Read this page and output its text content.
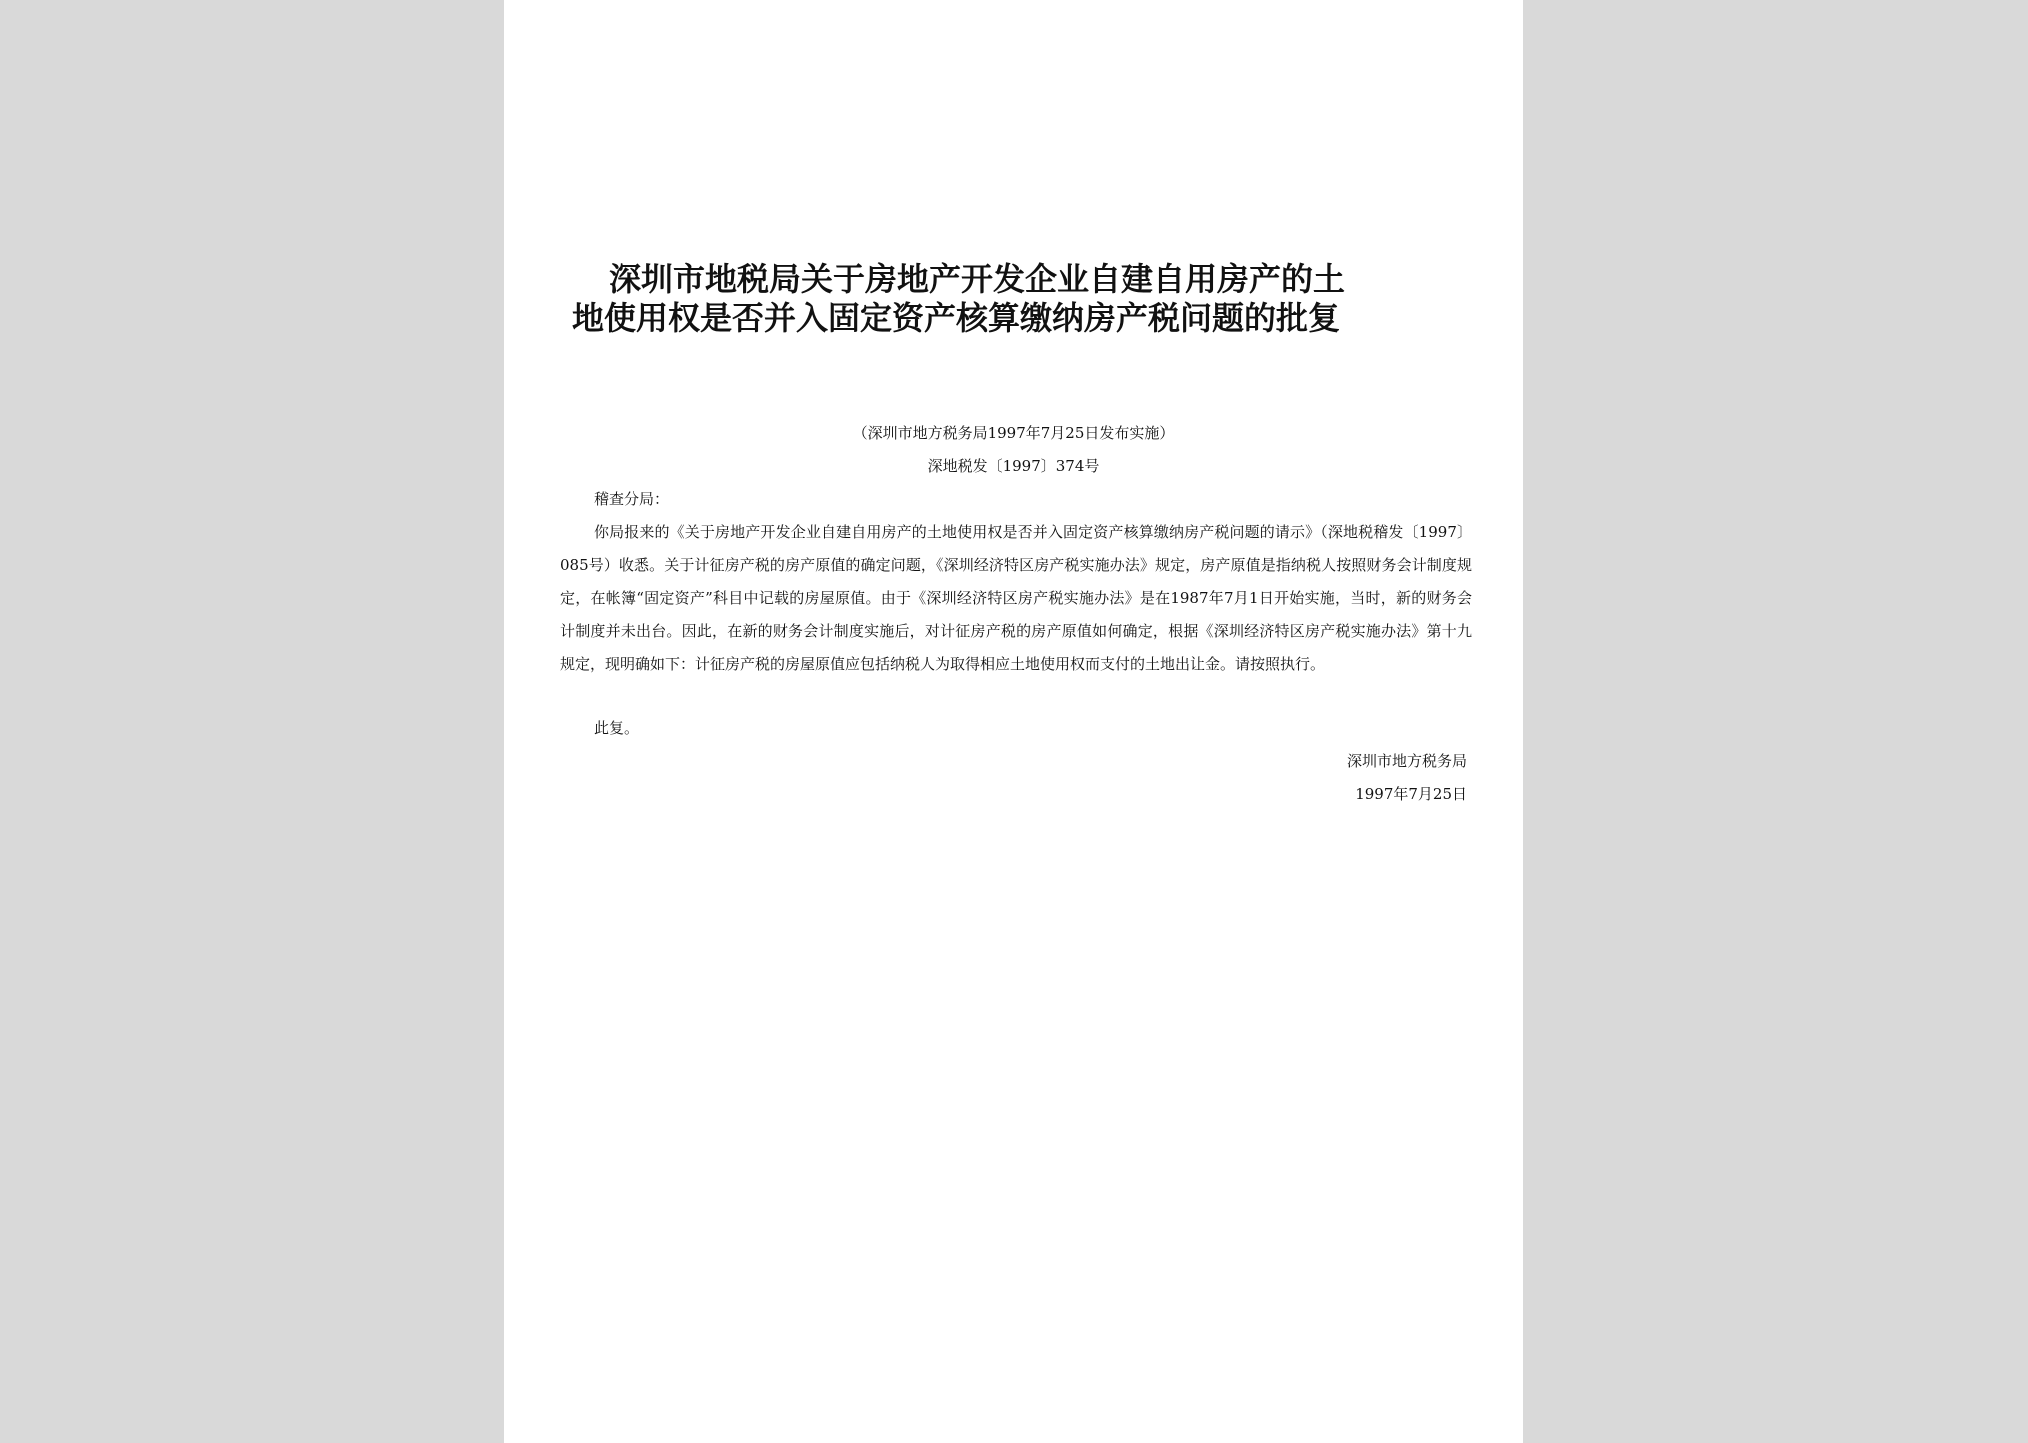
深圳市地税局关于房地产开发企业自建自用房产的土
地使用权是否并入固定资产核算缴纳房产税问题的批复
（深圳市地方税务局1997年7月25日发布实施）
深地税发〔1997〕374号
稽查分局：

你局报来的《关于房地产开发企业自建自用房产的土地使用权是否并入固定资产核算缴纳房产税问题的请示》（深地税稽发〔1997〕085号）收悉。关于计征房产税的房产原值的确定问题，《深圳经济特区房产税实施办法》规定，房产原值是指纳税人按照财务会计制度规定，在帐簿“固定资产”科目中记载的房屋原值。由于《深圳经济特区房产税实施办法》是在1987年7月1日开始实施，当时，新的财务会计制度并未出台。因此，在新的财务会计制度实施后，对计征房产税的房产原值如何确定，根据《深圳经济特区房产税实施办法》第十九规定，现明确如下：计征房产税的房屋原值应包括纳税人为取得相应土地使用权而支付的土地出让金。请按照执行。

此复。
深圳市地方税务局
1997年7月25日
